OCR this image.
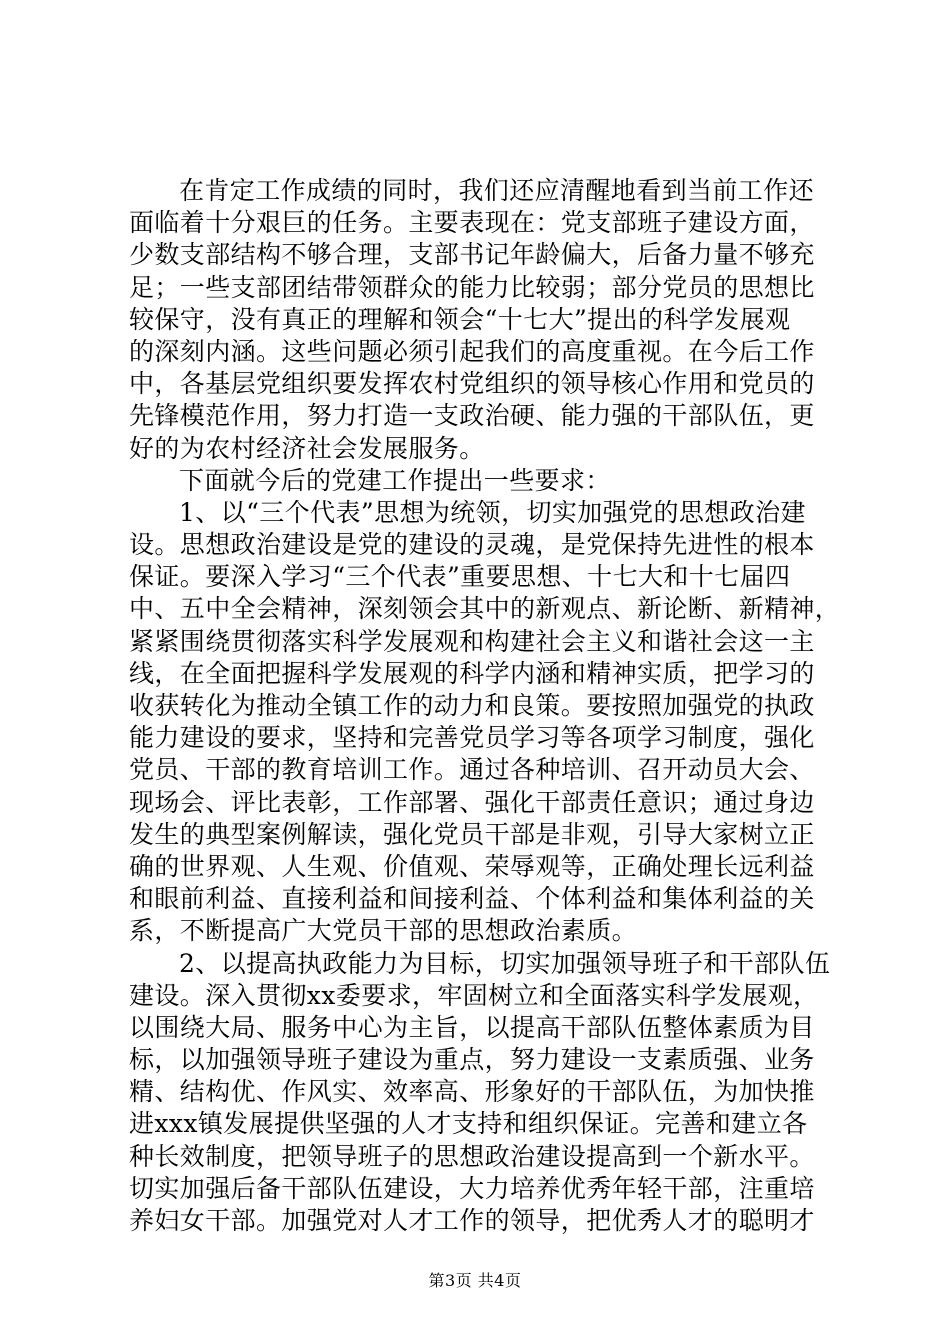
在肯定工作成绩的同时，我们还应清醒地看到当前工作还
面临着十分艰巨的任务。主要表现在：党支部班子建设方面，
少数支部结构不够合理，支部书记年龄偏大，后备力量不够充
足；一些支部团结带领群众的能力比较弱；部分党员的思想比
较保守，没有真正的理解和领会“十七大”提出的科学发展观
的深刻内涵。这些问题必须引起我们的高度重视。在今后工作
中，各基层党组织要发挥农村党组织的领导核心作用和党员的
先锋模范作用，努力打造一支政治硬、能力强的干部队伍，更
好的为农村经济社会发展服务。
下面就今后的党建工作提出一些要求：
1、以“三个代表”思想为统领，切实加强党的思想政治建
设。思想政治建设是党的建设的灵魂，是党保持先进性的根本
保证。要深入学习“三个代表”重要思想、十七大和十七届四
中、五中全会精神，深刻领会其中的新观点、新论断、新精神，
紧紧围绕贯彻落实科学发展观和构建社会主义和谐社会这一主
线，在全面把握科学发展观的科学内涵和精神实质，把学习的
收获转化为推动全镇工作的动力和良策。要按照加强党的执政
能力建设的要求，坚持和完善党员学习等各项学习制度，强化
党员、干部的教育培训工作。通过各种培训、召开动员大会、
现场会、评比表彰，工作部署、强化干部责任意识；通过身边
发生的典型案例解读，强化党员干部是非观，引导大家树立正
确的世界观、人生观、价值观、荣辱观等，正确处理长远利益
和眼前利益、直接利益和间接利益、个体利益和集体利益的关
系，不断提高广大党员干部的思想政治素质。
2、以提高执政能力为目标，切实加强领导班子和干部队伍
建设。深入贯彻xx委要求，牢固树立和全面落实科学发展观，
以围绕大局、服务中心为主旨，以提高干部队伍整体素质为目
标，以加强领导班子建设为重点，努力建设一支素质强、业务
精、结构优、作风实、效率高、形象好的干部队伍，为加快推
进xxx镇发展提供坚强的人才支持和组织保证。完善和建立各
种长效制度，把领导班子的思想政治建设提高到一个新水平。
切实加强后备干部队伍建设，大力培养优秀年轻干部，注重培
养妇女干部。加强党对人才工作的领导，把优秀人才的聪明才
第3页 共4页
